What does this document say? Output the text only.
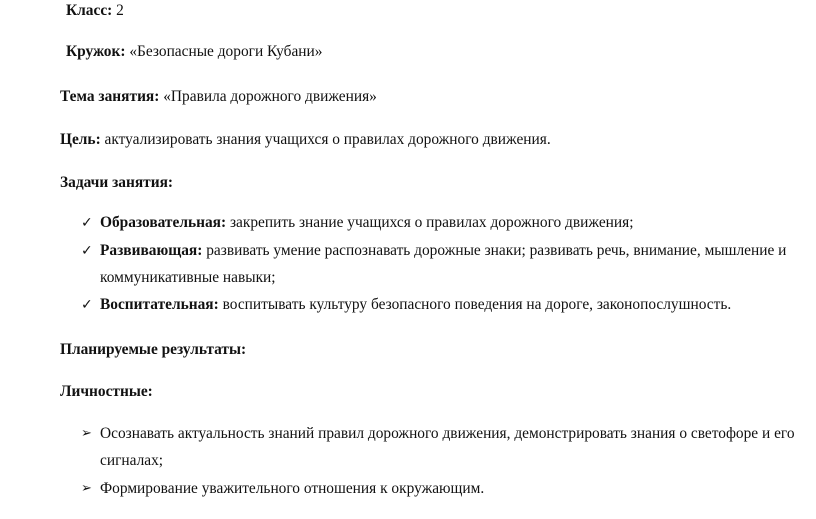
Класс: 2
Кружок: «Безопасные дороги Кубани»
Тема занятия: «Правила дорожного движения»
Цель: актуализировать знания учащихся о правилах дорожного движения.
Задачи занятия:
✓ Образовательная: закрепить знание учащихся о правилах дорожного движения;
✓ Развивающая: развивать умение распознавать дорожные знаки; развивать речь, внимание, мышление и
коммуникативные навыки;
✓ Воспитательная: воспитывать культуру безопасного поведения на дороге, законопослушность.
Планируемые результаты:
Личностные:
➢ Осознавать актуальность знаний правил дорожного движения, демонстрировать знания о светофоре и его
сигналах;
➢ Формирование уважительного отношения к окружающим.
